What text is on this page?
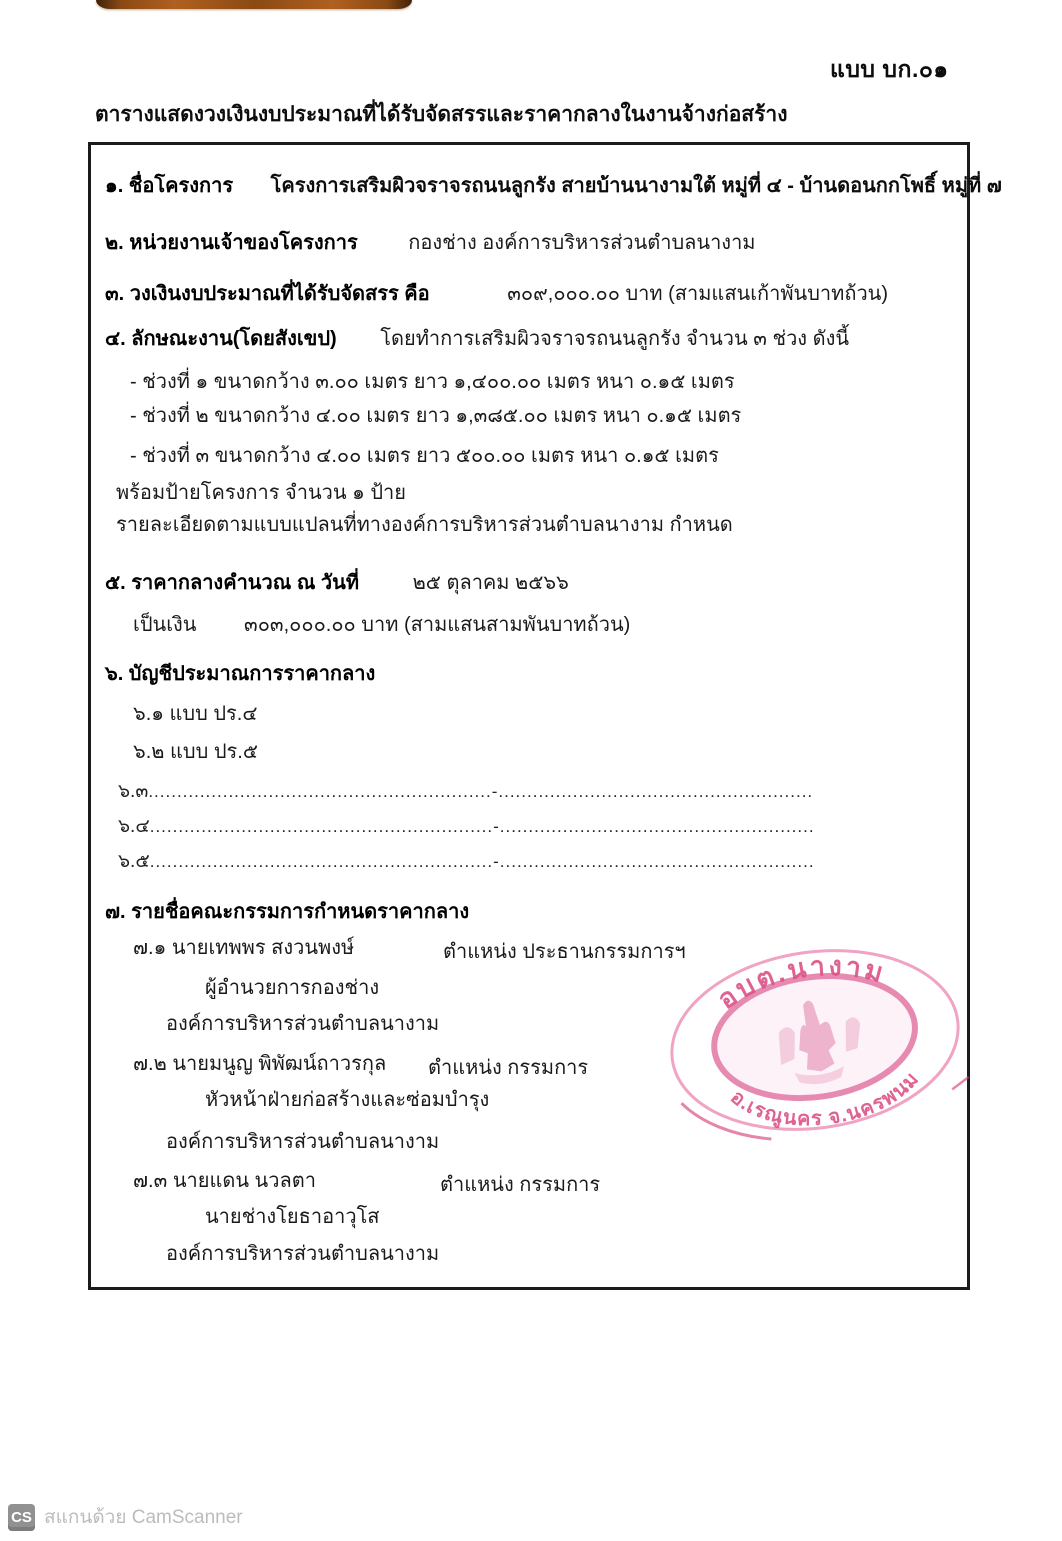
แบบ บก.๐๑
ตารางแสดงวงเงินงบประมาณที่ได้รับจัดสรรและราคากลางในงานจ้างก่อสร้าง
๑. ชื่อโครงการ โครงการเสริมผิวจราจรถนนลูกรัง สายบ้านนางามใต้ หมู่ที่ ๔ - บ้านดอนกกโพธิ์ หมู่ที่ ๗
๒. หน่วยงานเจ้าของโครงการ	กองช่าง องค์การบริหารส่วนตำบลนางาม
๓. วงเงินงบประมาณที่ได้รับจัดสรร คือ	๓๐๙,๐๐๐.๐๐ บาท (สามแสนเก้าพันบาทถ้วน)
๔. ลักษณะงาน(โดยสังเขป) โดยทำการเสริมผิวจราจรถนนลูกรัง จำนวน ๓ ช่วง ดังนี้
- ช่วงที่ ๑ ขนาดกว้าง ๓.๐๐ เมตร ยาว ๑,๔๐๐.๐๐ เมตร หนา ๐.๑๕ เมตร
- ช่วงที่ ๒ ขนาดกว้าง ๔.๐๐ เมตร ยาว ๑,๓๘๕.๐๐ เมตร หนา ๐.๑๕ เมตร
- ช่วงที่ ๓ ขนาดกว้าง ๔.๐๐ เมตร ยาว ๕๐๐.๐๐ เมตร หนา ๐.๑๕ เมตร
พร้อมป้ายโครงการ จำนวน ๑ ป้าย
รายละเอียดตามแบบแปลนที่ทางองค์การบริหารส่วนตำบลนางาม กำหนด
๕. ราคากลางคำนวณ ณ วันที่	๒๕ ตุลาคม ๒๕๖๖
เป็นเงิน ๓๐๓,๐๐๐.๐๐ บาท (สามแสนสามพันบาทถ้วน)
๖. บัญชีประมาณการราคากลาง
๖.๑ แบบ ปร.๔
๖.๒ แบบ ปร.๕
๖.๓............................................................-.......................................................
๖.๔............................................................-.......................................................
๖.๕............................................................-.......................................................
๗. รายชื่อคณะกรรมการกำหนดราคากลาง
๗.๑ นายเทพพร สงวนพงษ์	ตำแหน่ง ประธานกรรมการฯ
ผู้อำนวยการกองช่าง
องค์การบริหารส่วนตำบลนางาม
๗.๒ นายมนูญ พิพัฒน์ถาวรกุล ตำแหน่ง กรรมการ
หัวหน้าฝ่ายก่อสร้างและซ่อมบำรุง
องค์การบริหารส่วนตำบลนางาม
๗.๓ นายแดน นวลตา	ตำแหน่ง กรรมการ
นายช่างโยธาอาวุโส
องค์การบริหารส่วนตำบลนางาม
อบต.นางาม
อ.เรณูนคร จ.นครพนม
CS สแกนด้วย CamScanner
